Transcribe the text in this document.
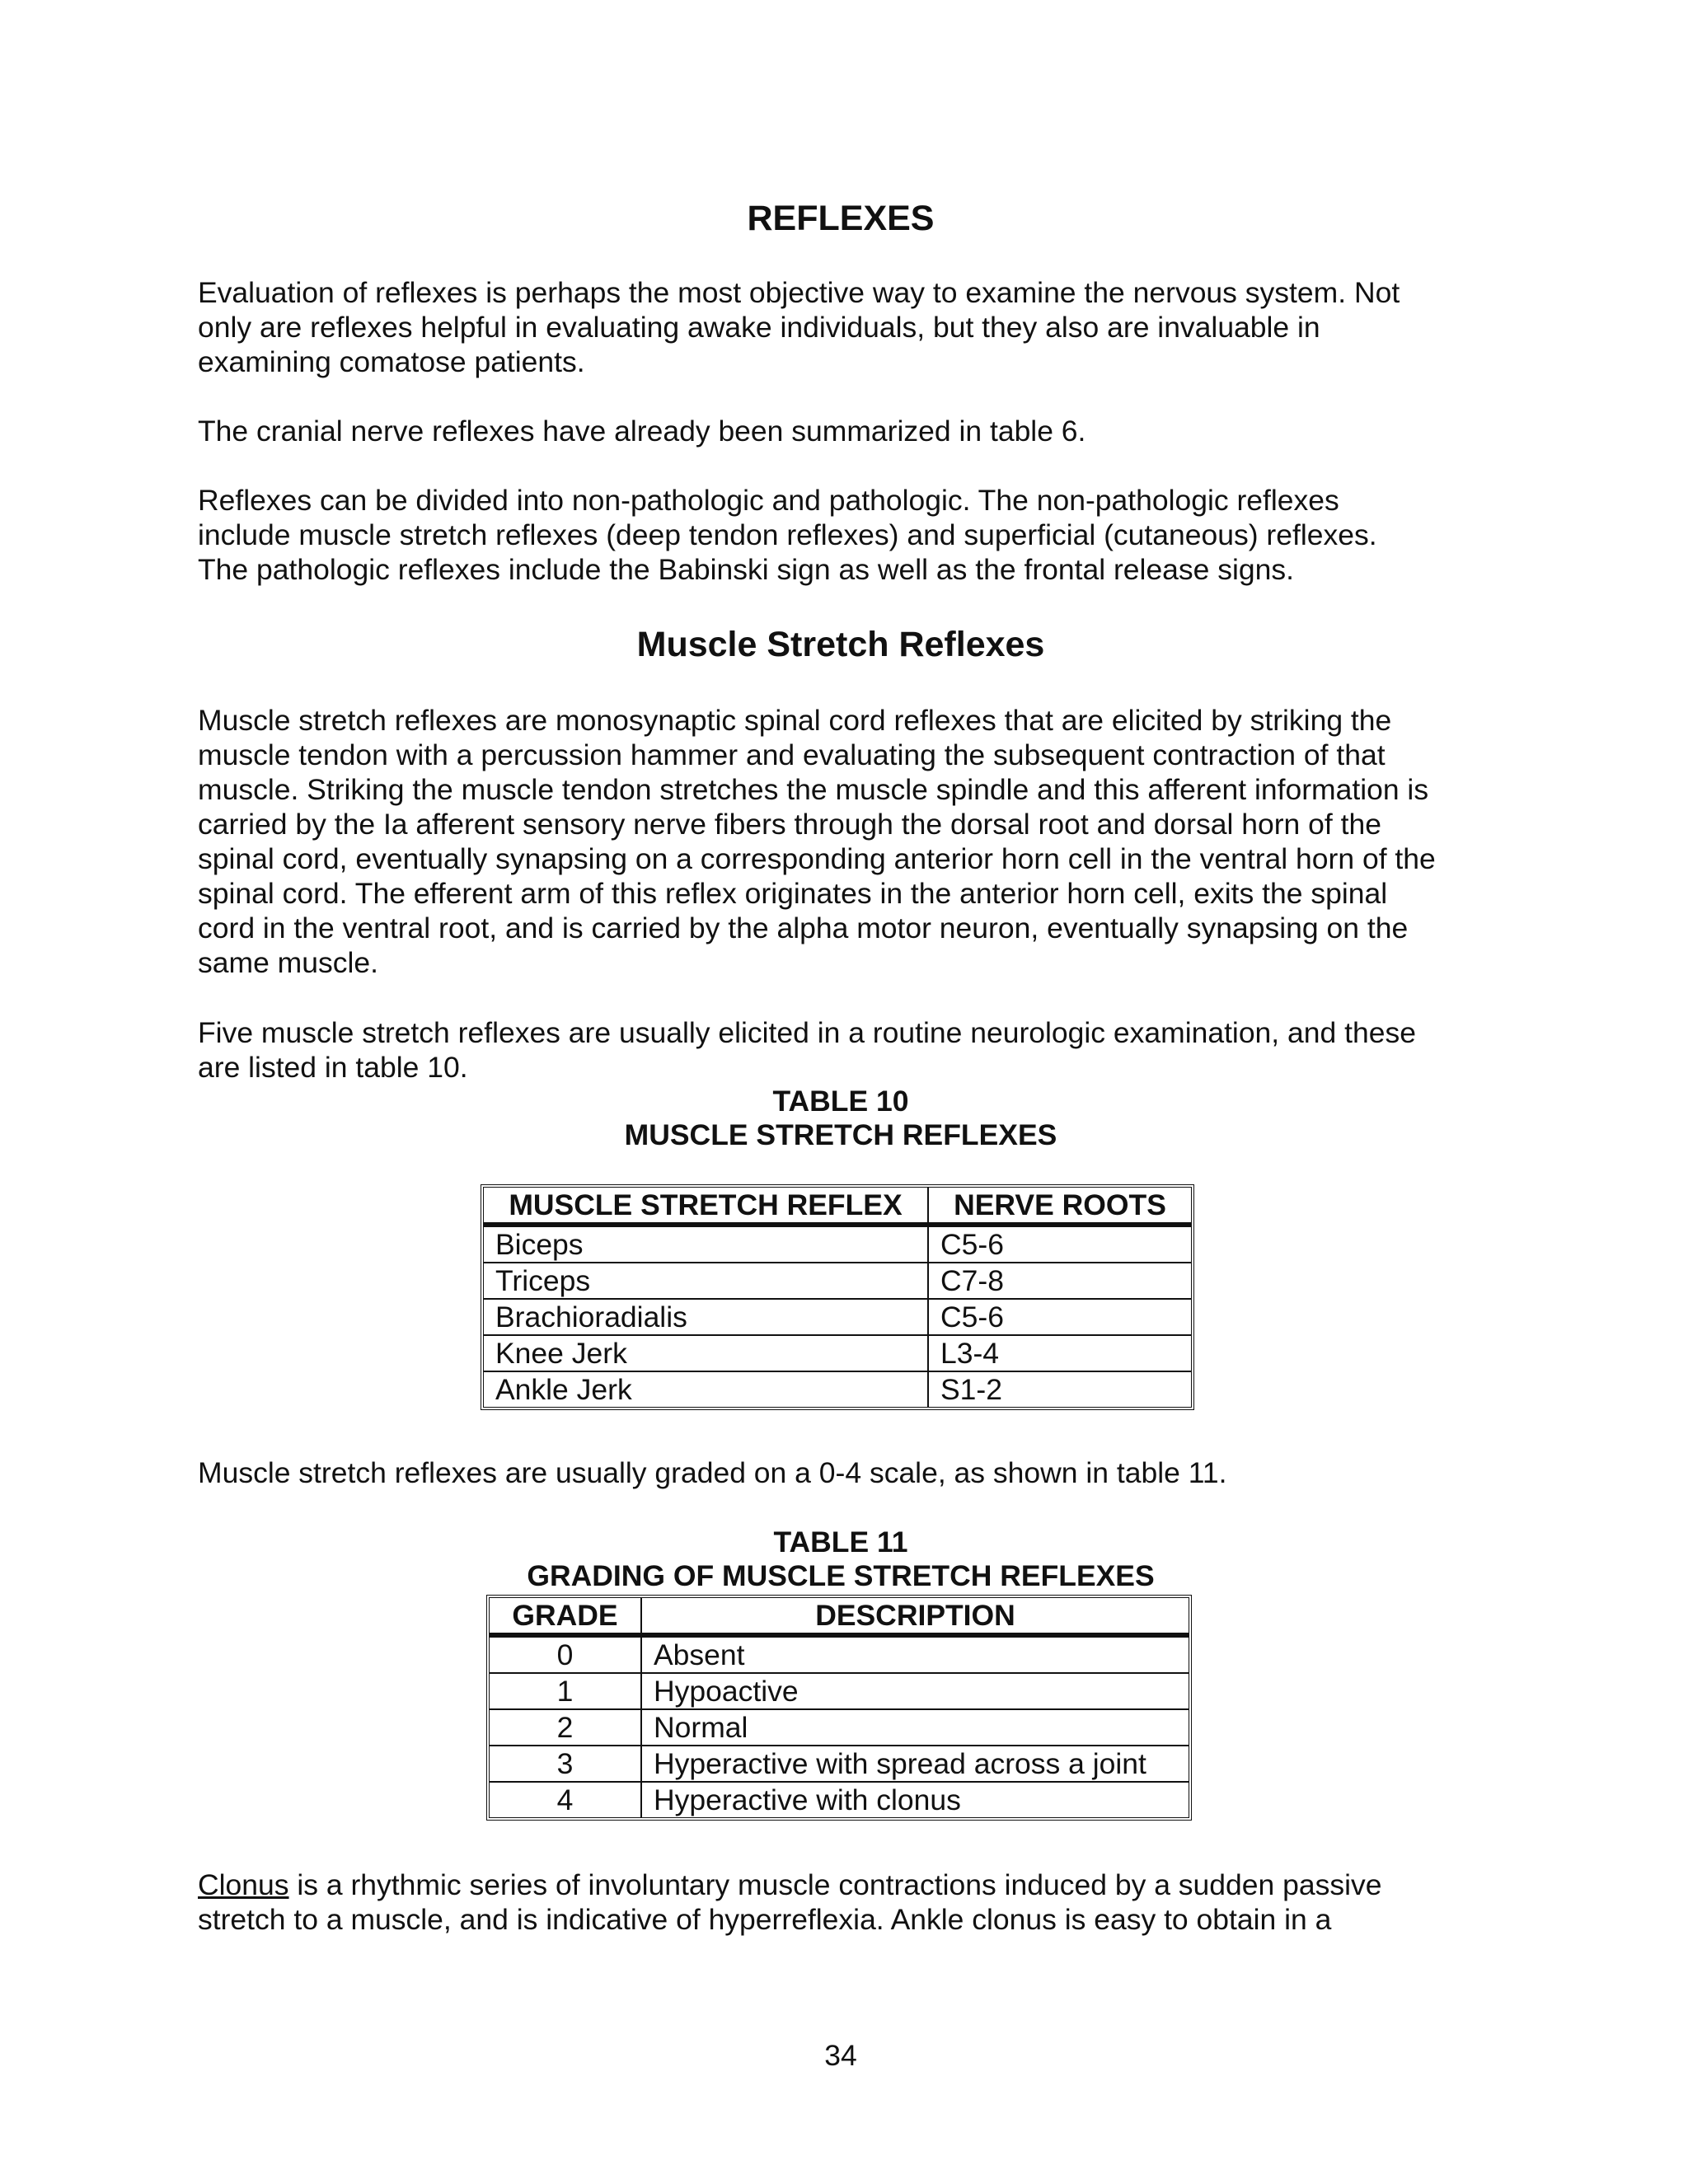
REFLEXES

Evaluation of reflexes is perhaps the most objective way to examine the nervous system. Not
only are reflexes helpful in evaluating awake individuals, but they also are invaluable in
examining comatose patients.

The cranial nerve reflexes have already been summarized in table 6.

Reflexes can be divided into non-pathologic and pathologic. The non-pathologic reflexes
include muscle stretch reflexes (deep tendon reflexes) and superficial (cutaneous) reflexes.
The pathologic reflexes include the Babinski sign as well as the frontal release signs.

Muscle Stretch Reflexes

Muscle stretch reflexes are monosynaptic spinal cord reflexes that are elicited by striking the
muscle tendon with a percussion hammer and evaluating the subsequent contraction of that
muscle. Striking the muscle tendon stretches the muscle spindle and this afferent information is
carried by the Ia afferent sensory nerve fibers through the dorsal root and dorsal horn of the
spinal cord, eventually synapsing on a corresponding anterior horn cell in the ventral horn of the
spinal cord. The efferent arm of this reflex originates in the anterior horn cell, exits the spinal
cord in the ventral root, and is carried by the alpha motor neuron, eventually synapsing on the
same muscle.

Five muscle stretch reflexes are usually elicited in a routine neurologic examination, and these
are listed in table 10.

TABLE 10
MUSCLE STRETCH REFLEXES

MUSCLE STRETCH REFLEX	NERVE ROOTS
Biceps	C5-6
Triceps	C7-8
Brachioradialis	C5-6
Knee Jerk	L3-4
Ankle Jerk	S1-2

Muscle stretch reflexes are usually graded on a 0-4 scale, as shown in table 11.

TABLE 11
GRADING OF MUSCLE STRETCH REFLEXES

GRADE	DESCRIPTION
0	Absent
1	Hypoactive
2	Normal
3	Hyperactive with spread across a joint
4	Hyperactive with clonus

Clonus is a rhythmic series of involuntary muscle contractions induced by a sudden passive
stretch to a muscle, and is indicative of hyperreflexia. Ankle clonus is easy to obtain in a

34
